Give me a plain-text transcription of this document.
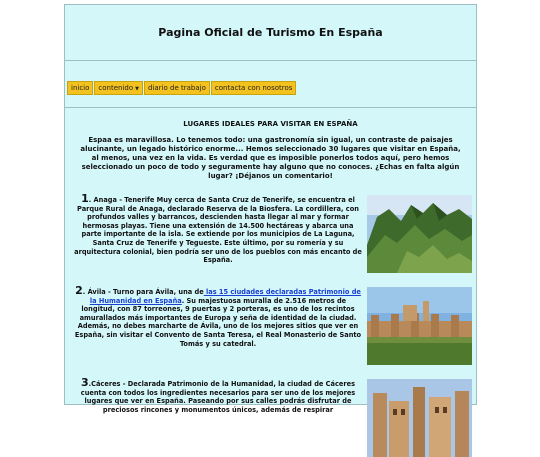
Pagina Oficial de Turismo En España
inicio	contenido ▼	diario de trabajo	contacta con nosotros
LUGARES IDEALES PARA VISITAR EN ESPAÑA
Espaa es maravillosa. Lo tenemos todo: una gastronomía sin igual, un contraste de paisajes alucinante, un legado histórico enorme... Hemos seleccionado 30 lugares que visitar en España, al menos, una vez en la vida. Es verdad que es imposible ponerlos todos aquí, pero hemos seleccionado un poco de todo y seguramente hay alguno que no conoces. ¿Echas en falta algún lugar? ¡Déjanos un comentario!
1. Anaga - Tenerife Muy cerca de Santa Cruz de Tenerife, se encuentra el Parque Rural de Anaga, declarado Reserva de la Biosfera. La cordillera, con profundos valles y barrancos, descienden hasta llegar al mar y formar hermosas playas. Tiene una extensión de 14.500 hectáreas y abarca una parte importante de la isla. Se extiende por los municipios de La Laguna, Santa Cruz de Tenerife y Tegueste. Este último, por su romería y su arquitectura colonial, bien podría ser uno de los pueblos con más encanto de España.
2. Ávila - Turno para Ávila, una de las 15 ciudades declaradas Patrimonio de la Humanidad en España. Su majestuosa muralla de 2.516 metros de longitud, con 87 torreones, 9 puertas y 2 porteras, es uno de los recintos amurallados más importantes de Europa y seña de identidad de la ciudad. Además, no debes marcharte de Ávila, uno de los mejores sitios que ver en España, sin visitar el Convento de Santa Teresa, el Real Monasterio de Santo Tomás y su catedral.
3.Cáceres - Declarada Patrimonio de la Humanidad, la ciudad de Cáceres cuenta con todos los ingredientes necesarios para ser uno de los mejores lugares que ver en España. Paseando por sus calles podrás disfrutar de preciosos rincones y monumentos únicos, además de respirar
